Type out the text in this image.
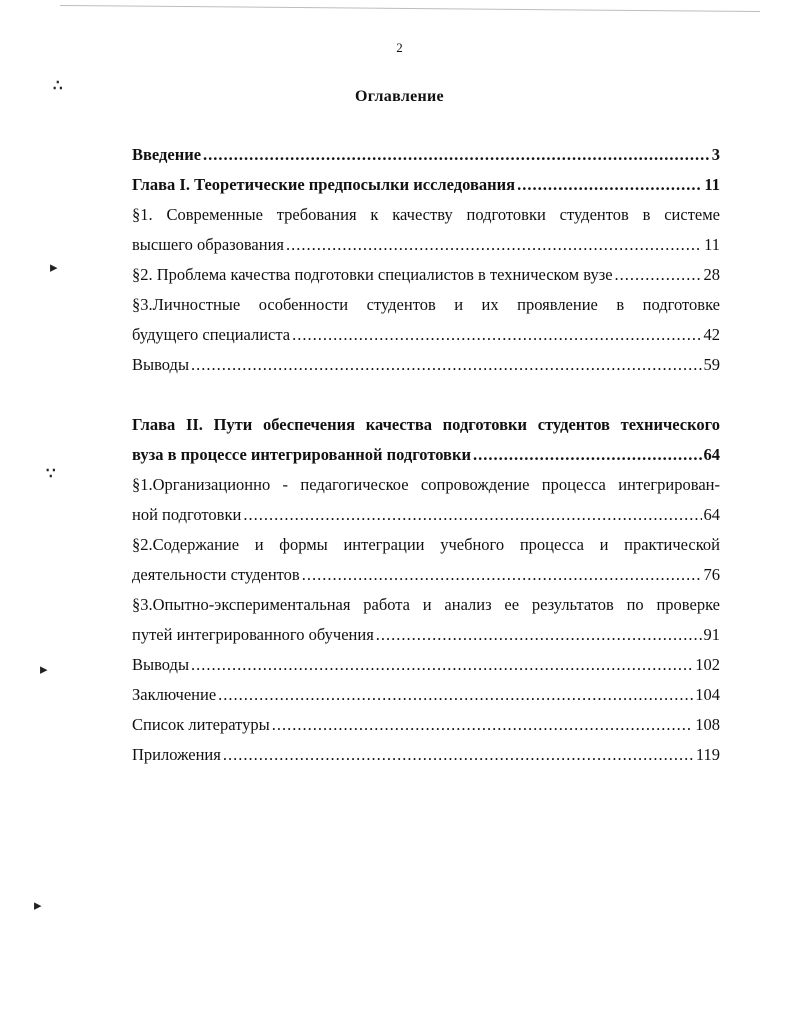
∴
▸
∵
▸
▸
2
Оглавление
Введение .....	3
Глава I. Теоретические предпосылки исследования .....	11
§1. Современные требования к качеству подготовки студентов в системе
высшего образования .....	11
§2. Проблема качества подготовки специалистов в техническом вузе .....	28
§3.Личностные особенности студентов и их проявление в подготовке
будущего специалиста .....	42
Выводы .....	59
Глава II. Пути обеспечения качества подготовки студентов технического
вуза в процессе интегрированной подготовки .....	64
§1.Организационно - педагогическое сопровождение процесса интегрирован-
ной подготовки .....	64
§2.Содержание и формы интеграции учебного процесса и практической
деятельности студентов .....	76
§3.Опытно-экспериментальная работа и анализ ее результатов по проверке
путей интегрированного обучения .....	91
Выводы .....	102
Заключение .....	104
Список литературы .....	108
Приложения .....	119
